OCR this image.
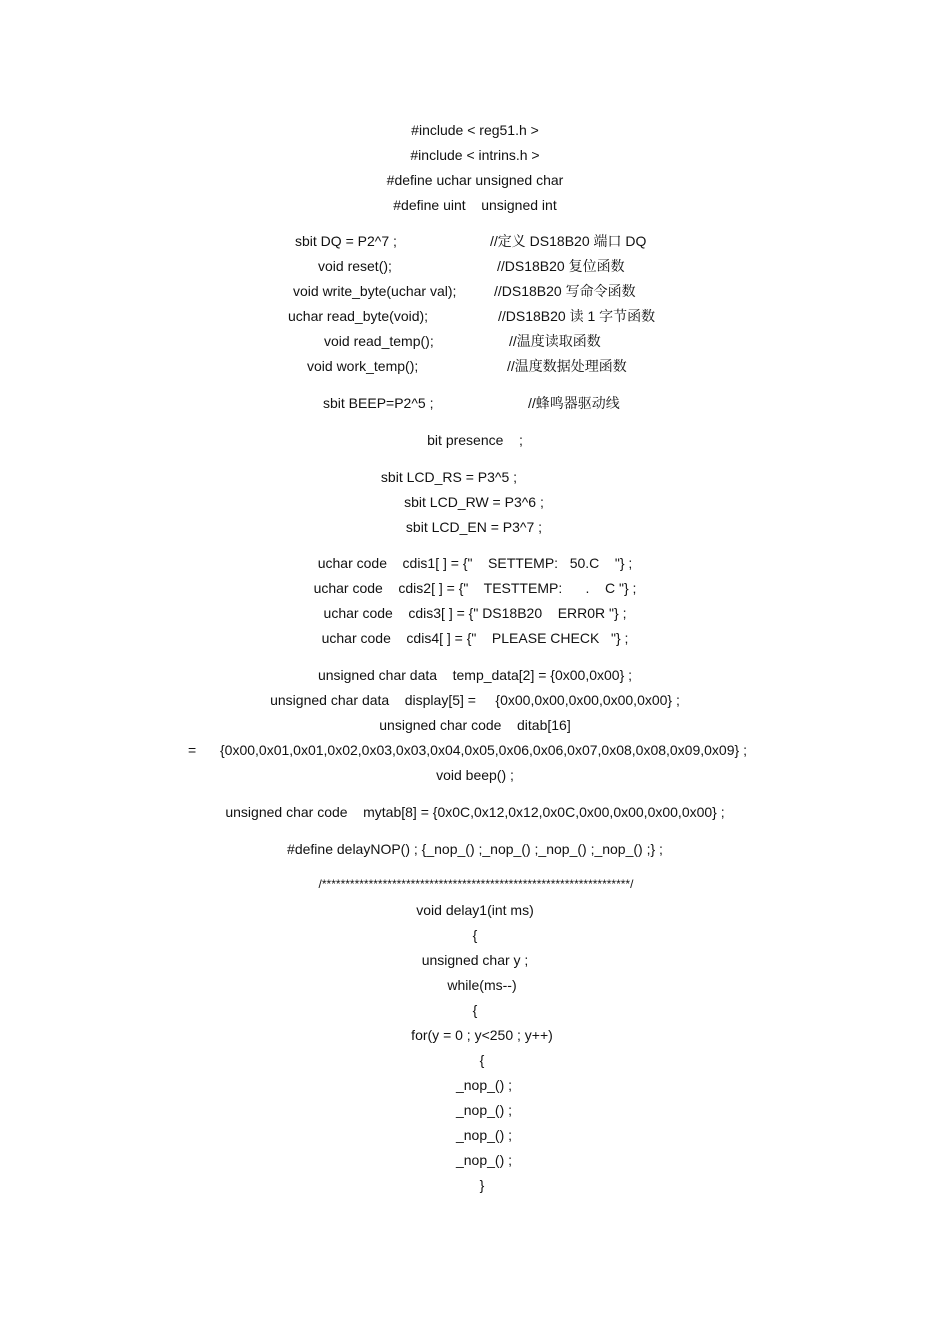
#include < reg51.h >
#include < intrins.h >
#define uchar unsigned char
#define uint    unsigned int
sbit DQ = P2^7 ;	//定义 DS18B20 端口 DQ
void reset();	//DS18B20 复位函数
void write_byte(uchar val);	//DS18B20 写命令函数
uchar read_byte(void);	//DS18B20 读 1 字节函数
void read_temp();	//温度读取函数
void work_temp();	//温度数据处理函数
sbit BEEP=P2^5 ;	//蜂鸣器驱动线
bit presence    ;
sbit LCD_RS = P3^5 ;
sbit LCD_RW = P3^6 ;
sbit LCD_EN = P3^7 ;
uchar code    cdis1[ ] = {"    SETTEMP:   50.C    "} ;
uchar code    cdis2[ ] = {"    TESTTEMP:      .    C "} ;
uchar code    cdis3[ ] = {" DS18B20    ERR0R "} ;
uchar code    cdis4[ ] = {"    PLEASE CHECK   "} ;
unsigned char data    temp_data[2] = {0x00,0x00} ;
unsigned char data    display[5] =     {0x00,0x00,0x00,0x00,0x00} ;
unsigned char code    ditab[16]
= {0x00,0x01,0x01,0x02,0x03,0x03,0x04,0x05,0x06,0x06,0x07,0x08,0x08,0x09,0x09} ;
void beep() ;
unsigned char code    mytab[8] = {0x0C,0x12,0x12,0x0C,0x00,0x00,0x00,0x00} ;
#define delayNOP() ; {_nop_() ;_nop_() ;_nop_() ;_nop_() ;} ;
/******************************************************************/
void delay1(int ms)
{
unsigned char y ;
while(ms--)
{
for(y = 0 ; y<250 ; y++)
{
_nop_() ;
_nop_() ;
_nop_() ;
_nop_() ;
}
